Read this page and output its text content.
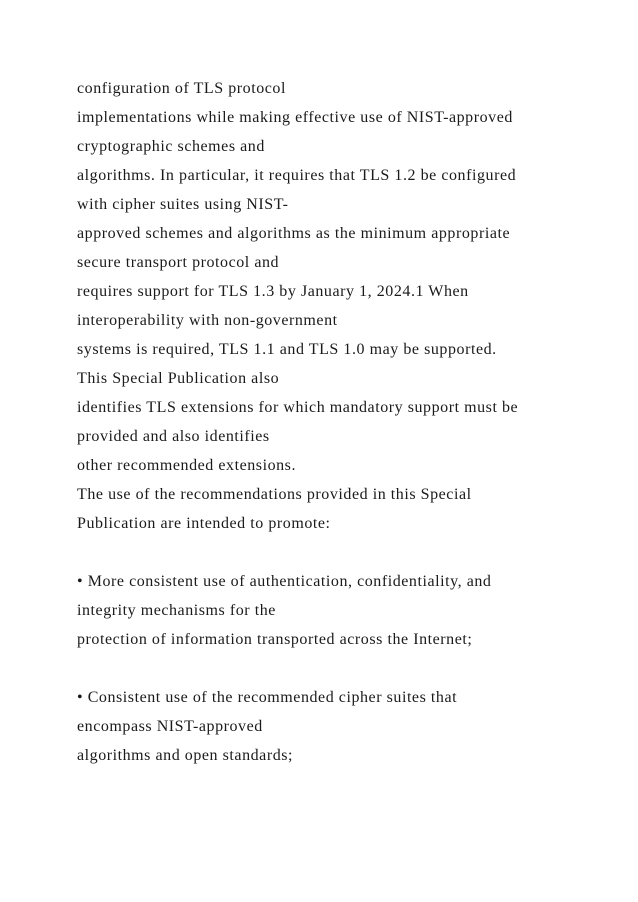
configuration of TLS protocol
implementations while making effective use of NIST-approved
cryptographic schemes and
algorithms. In particular, it requires that TLS 1.2 be configured
with cipher suites using NIST-
approved schemes and algorithms as the minimum appropriate
secure transport protocol and
requires support for TLS 1.3 by January 1, 2024.1 When
interoperability with non-government
systems is required, TLS 1.1 and TLS 1.0 may be supported.
This Special Publication also
identifies TLS extensions for which mandatory support must be
provided and also identifies
other recommended extensions.
The use of the recommendations provided in this Special
Publication are intended to promote:
• More consistent use of authentication, confidentiality, and
integrity mechanisms for the
protection of information transported across the Internet;
• Consistent use of the recommended cipher suites that
encompass NIST-approved
algorithms and open standards;
